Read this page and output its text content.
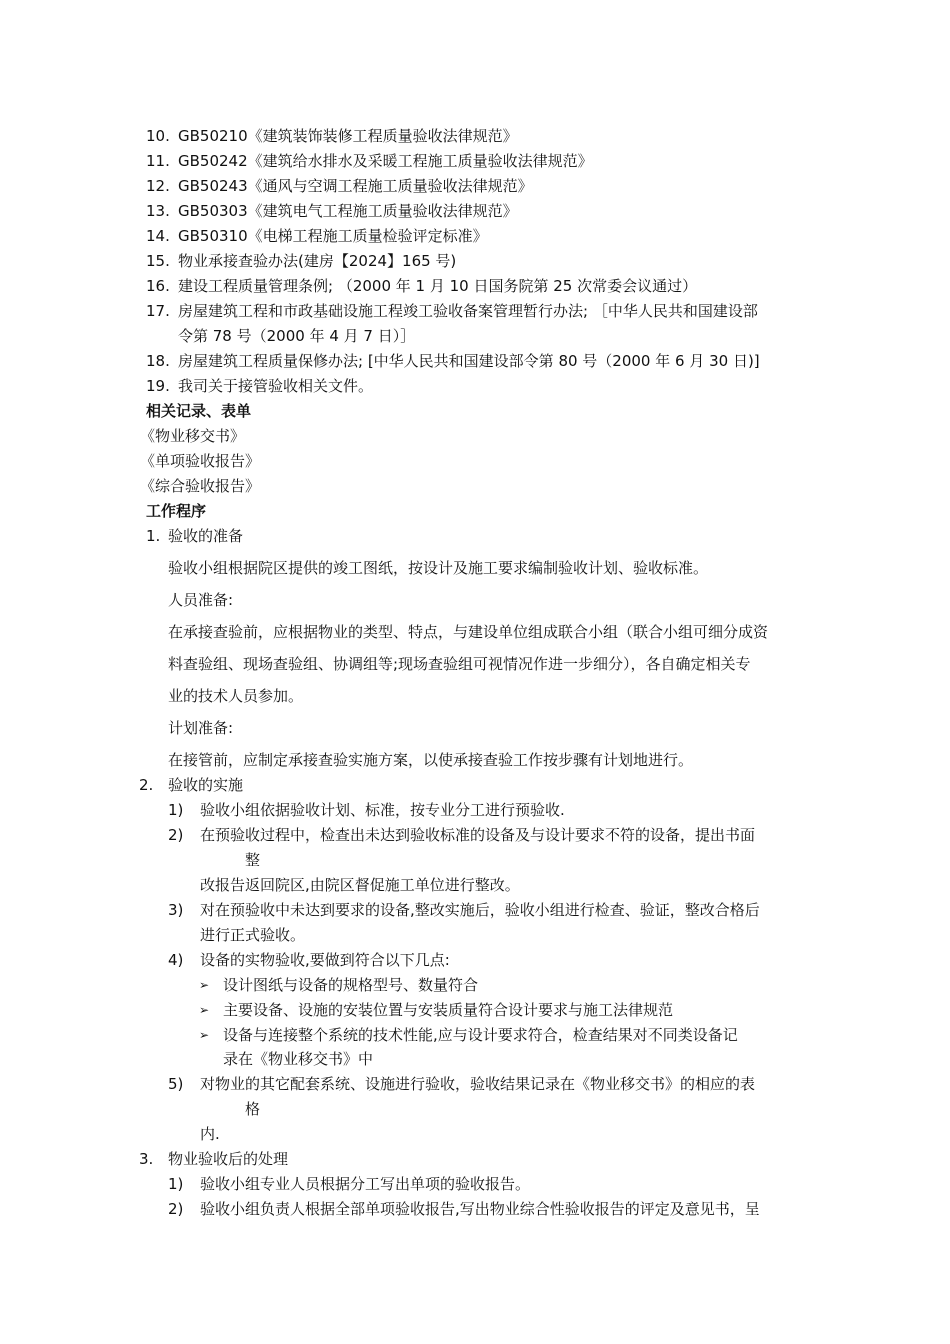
10. GB50210《建筑装饰装修工程质量验收法律规范》
11. GB50242《建筑给水排水及采暖工程施工质量验收法律规范》
12. GB50243《通风与空调工程施工质量验收法律规范》
13. GB50303《建筑电气工程施工质量验收法律规范》
14. GB50310《电梯工程施工质量检验评定标准》
15. 物业承接查验办法(建房【2024】165 号)
16. 建设工程质量管理条例; （2000 年 1 月 10 日国务院第 25 次常委会议通过）
17. 房屋建筑工程和市政基础设施工程竣工验收备案管理暂行办法; ［中华人民共和国建设部
令第 78 号（2000 年 4 月 7 日）］
18. 房屋建筑工程质量保修办法; [中华人民共和国建设部令第 80 号（2000 年 6 月 30 日)]
19. 我司关于接管验收相关文件。
相关记录、表单
《物业移交书》
《单项验收报告》
《综合验收报告》
工作程序
1. 验收的准备
验收小组根据院区提供的竣工图纸，按设计及施工要求编制验收计划、验收标准。
人员准备:
在承接查验前，应根据物业的类型、特点，与建设单位组成联合小组（联合小组可细分成资
料查验组、现场查验组、协调组等;现场查验组可视情况作进一步细分），各自确定相关专
业的技术人员参加。
计划准备:
在接管前，应制定承接查验实施方案，以使承接查验工作按步骤有计划地进行。
2. 验收的实施
1) 验收小组依据验收计划、标准，按专业分工进行预验收.
2) 在预验收过程中，检查出未达到验收标准的设备及与设计要求不符的设备，提出书面
整
改报告返回院区,由院区督促施工单位进行整改。
3) 对在预验收中未达到要求的设备,整改实施后，验收小组进行检查、验证，整改合格后
进行正式验收。
4) 设备的实物验收,要做到符合以下几点:
➢ 设计图纸与设备的规格型号、数量符合
➢ 主要设备、设施的安装位置与安装质量符合设计要求与施工法律规范
➢ 设备与连接整个系统的技术性能,应与设计要求符合，检查结果对不同类设备记
录在《物业移交书》中
5) 对物业的其它配套系统、设施进行验收，验收结果记录在《物业移交书》的相应的表
格
内.
3. 物业验收后的处理
1) 验收小组专业人员根据分工写出单项的验收报告。
2) 验收小组负责人根据全部单项验收报告,写出物业综合性验收报告的评定及意见书，呈
